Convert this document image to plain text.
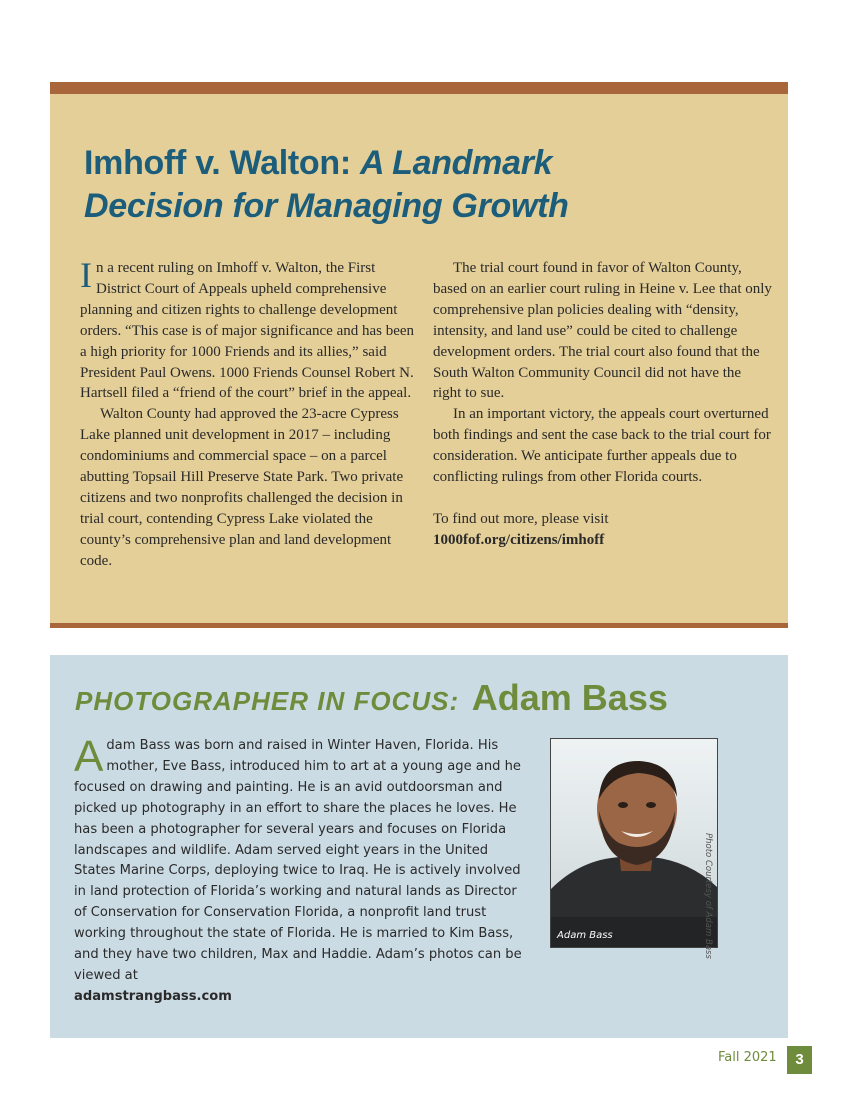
Imhoff v. Walton: A Landmark
Decision for Managing Growth

In a recent ruling on Imhoff v. Walton, the First District Court of Appeals upheld comprehensive planning and citizen rights to challenge development orders. “This case is of major significance and has been a high priority for 1000 Friends and its allies,” said President Paul Owens. 1000 Friends Counsel Robert N. Hartsell filed a “friend of the court” brief in the appeal.

Walton County had approved the 23-acre Cypress Lake planned unit development in 2017 – including condominiums and commercial space – on a parcel abutting Topsail Hill Preserve State Park. Two private citizens and two nonprofits challenged the decision in trial court, contending Cypress Lake violated the county’s comprehensive plan and land development code.

The trial court found in favor of Walton County, based on an earlier court ruling in Heine v. Lee that only comprehensive plan policies dealing with “density, intensity, and land use” could be cited to challenge development orders. The trial court also found that the South Walton Community Council did not have the right to sue.

In an important victory, the appeals court overturned both findings and sent the case back to the trial court for consideration. We anticipate further appeals due to conflicting rulings from other Florida courts.

To find out more, please visit
1000fof.org/citizens/imhoff

PHOTOGRAPHER IN FOCUS: Adam Bass

Adam Bass was born and raised in Winter Haven, Florida. His mother, Eve Bass, introduced him to art at a young age and he focused on drawing and painting. He is an avid outdoorsman and picked up photography in an effort to share the places he loves. He has been a photographer for several years and focuses on Florida landscapes and wildlife. Adam served eight years in the United States Marine Corps, deploying twice to Iraq. He is actively involved in land protection of Florida’s working and natural lands as Director of Conservation for Conservation Florida, a nonprofit land trust working throughout the state of Florida. He is married to Kim Bass, and they have two children, Max and Haddie. Adam’s photos can be viewed at
adamstrangbass.com

Adam Bass	Photo Courtesy of Adam Bass
Fall 2021	3
